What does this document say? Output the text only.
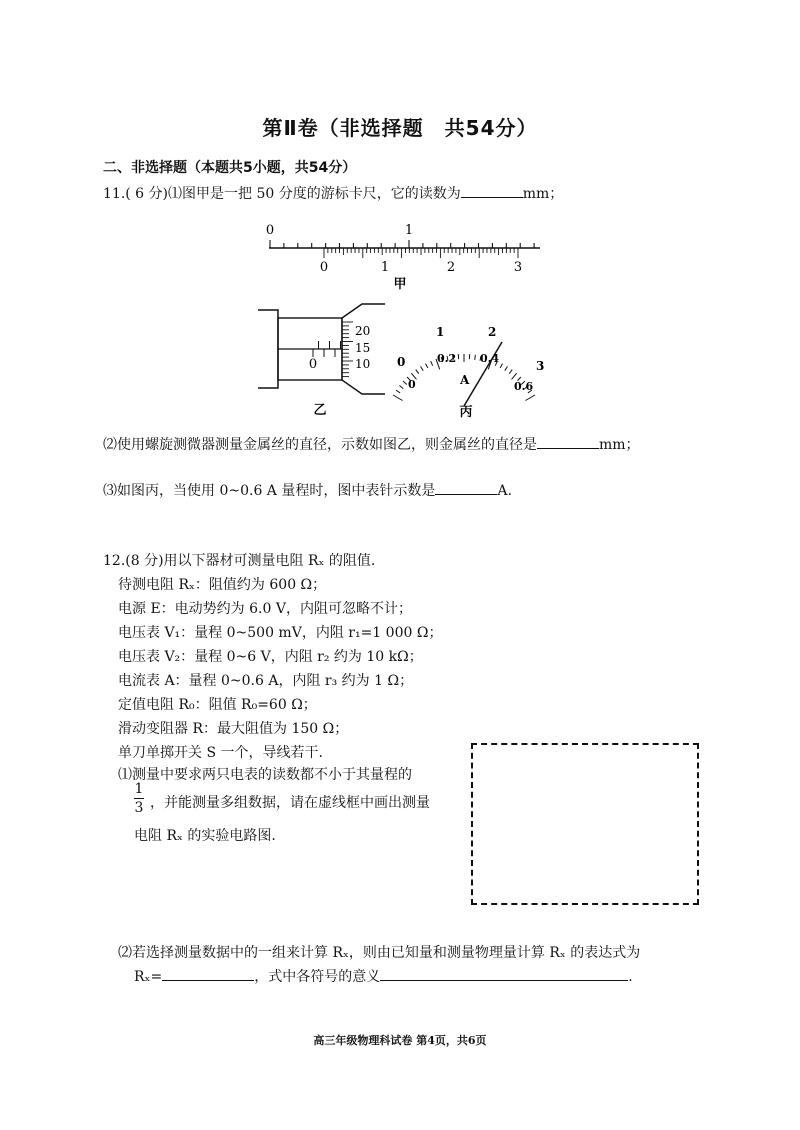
第Ⅱ卷（非选择题　共54分）
二、非选择题（本题共5小题，共54分）
11.( 6 分)⑴图甲是一把 50 分度的游标卡尺，它的读数为	mm；
0	1
0	1	2	3
甲
0
20
15
10
乙
0
1	2
3
0
0.2 0.4
0.6
A
丙
⑵使用螺旋测微器测量金属丝的直径，示数如图乙，则金属丝的直径是	mm；
⑶如图丙，当使用 0~0.6 A 量程时，图中表针示数是	A.
12.(8 分)用以下器材可测量电阻 Rₓ 的阻值.
待测电阻 Rₓ：阻值约为 600 Ω；
电源 E：电动势约为 6.0 V，内阻可忽略不计；
电压表 V₁：量程 0~500 mV，内阻 r₁=1 000 Ω；
电压表 V₂：量程 0~6 V，内阻 r₂ 约为 10 kΩ；
电流表 A：量程 0~0.6 A，内阻 r₃ 约为 1 Ω；
定值电阻 R₀：阻值 R₀=60 Ω；
滑动变阻器 R：最大阻值为 150 Ω；
单刀单掷开关 S 一个，导线若干.
⑴测量中要求两只电表的读数都不小于其量程的
1
3 ，并能测量多组数据，请在虚线框中画出测量
电阻 Rₓ 的实验电路图.
⑵若选择测量数据中的一组来计算 Rₓ，则由已知量和测量物理量计算 Rₓ 的表达式为
Rₓ=	，式中各符号的意义	.
高三年级物理科试卷 第4页，共6页
